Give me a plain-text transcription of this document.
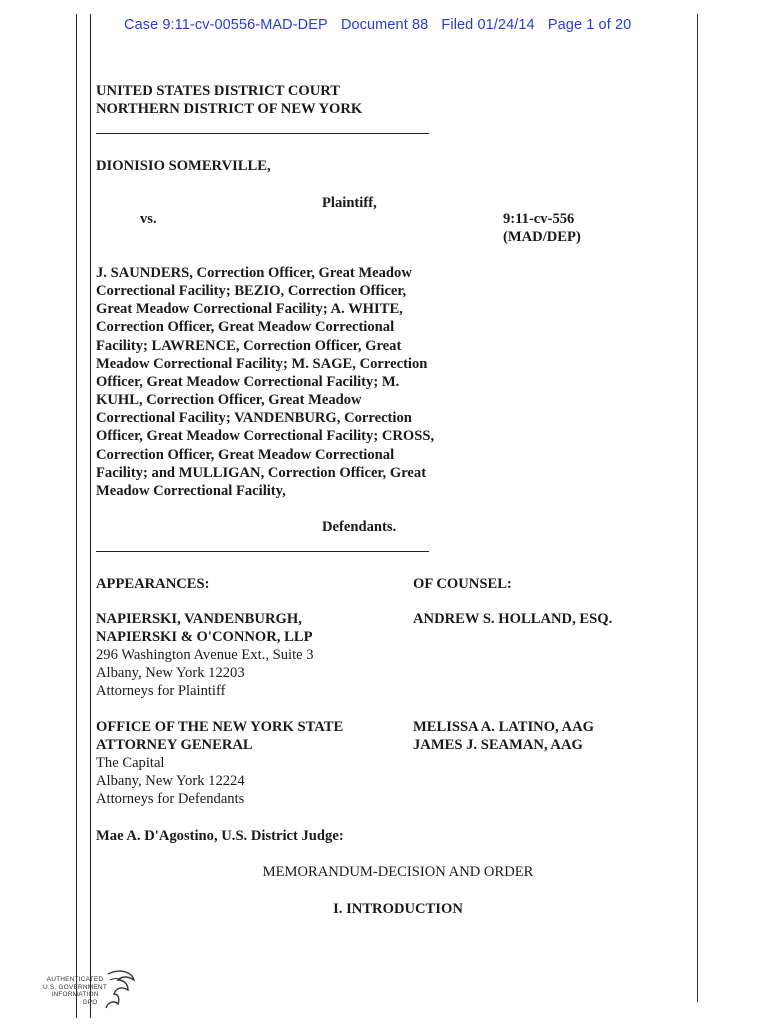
Case 9:11-cv-00556-MAD-DEP Document 88 Filed 01/24/14 Page 1 of 20
UNITED STATES DISTRICT COURT
NORTHERN DISTRICT OF NEW YORK
DIONISIO SOMERVILLE,
Plaintiff,
vs.	9:11-cv-556
(MAD/DEP)
J. SAUNDERS, Correction Officer, Great Meadow
Correctional Facility; BEZIO, Correction Officer,
Great Meadow Correctional Facility; A. WHITE,
Correction Officer, Great Meadow Correctional
Facility; LAWRENCE, Correction Officer, Great
Meadow Correctional Facility; M. SAGE, Correction
Officer, Great Meadow Correctional Facility; M.
KUHL, Correction Officer, Great Meadow
Correctional Facility; VANDENBURG, Correction
Officer, Great Meadow Correctional Facility; CROSS,
Correction Officer, Great Meadow Correctional
Facility; and MULLIGAN, Correction Officer, Great
Meadow Correctional Facility,
Defendants.
APPEARANCES:	OF COUNSEL:
NAPIERSKI, VANDENBURGH,
NAPIERSKI & O'CONNOR, LLP
296 Washington Avenue Ext., Suite 3
Albany, New York 12203
Attorneys for Plaintiff
ANDREW S. HOLLAND, ESQ.
OFFICE OF THE NEW YORK STATE
ATTORNEY GENERAL
The Capital
Albany, New York 12224
Attorneys for Defendants
MELISSA A. LATINO, AAG
JAMES J. SEAMAN, AAG
Mae A. D'Agostino, U.S. District Judge:
MEMORANDUM-DECISION AND ORDER
I. INTRODUCTION
AUTHENTICATED
U.S. GOVERNMENT
INFORMATION
GPO
